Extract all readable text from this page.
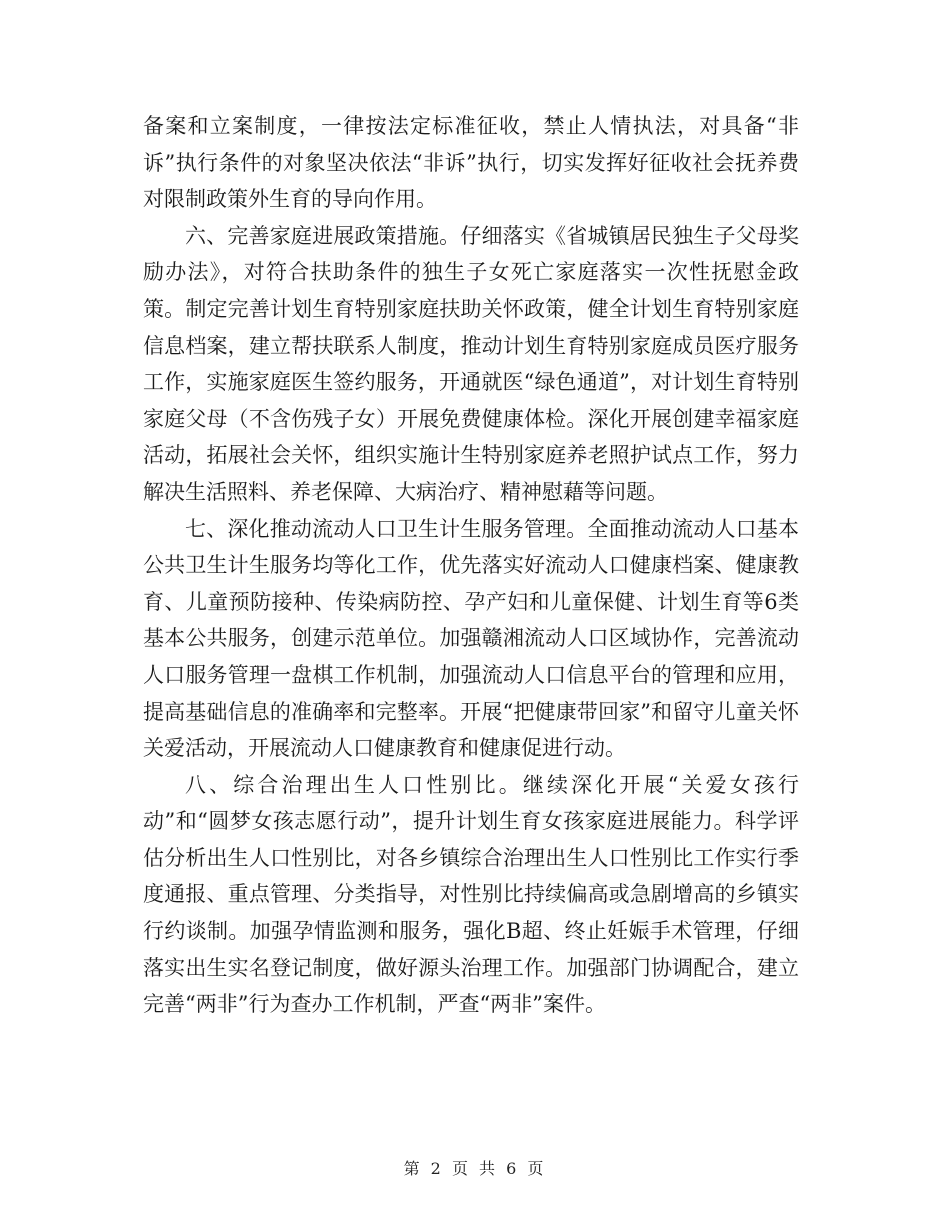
备案和立案制度，一律按法定标准征收，禁止人情执法，对具备“非诉”执行条件的对象坚决依法“非诉”执行，切实发挥好征收社会抚养费对限制政策外生育的导向作用。

六、完善家庭进展政策措施。仔细落实《省城镇居民独生子父母奖励办法》，对符合扶助条件的独生子女死亡家庭落实一次性抚慰金政策。制定完善计划生育特别家庭扶助关怀政策，健全计划生育特别家庭信息档案，建立帮扶联系人制度，推动计划生育特别家庭成员医疗服务工作，实施家庭医生签约服务，开通就医“绿色通道”，对计划生育特别家庭父母（不含伤残子女）开展免费健康体检。深化开展创建幸福家庭活动，拓展社会关怀，组织实施计生特别家庭养老照护试点工作，努力解决生活照料、养老保障、大病治疗、精神慰藉等问题。

七、深化推动流动人口卫生计生服务管理。全面推动流动人口基本公共卫生计生服务均等化工作，优先落实好流动人口健康档案、健康教育、儿童预防接种、传染病防控、孕产妇和儿童保健、计划生育等6类基本公共服务，创建示范单位。加强赣湘流动人口区域协作，完善流动人口服务管理一盘棋工作机制，加强流动人口信息平台的管理和应用，提高基础信息的准确率和完整率。开展“把健康带回家”和留守儿童关怀关爱活动，开展流动人口健康教育和健康促进行动。

八、综合治理出生人口性别比。继续深化开展“关爱女孩行动”和“圆梦女孩志愿行动”，提升计划生育女孩家庭进展能力。科学评估分析出生人口性别比，对各乡镇综合治理出生人口性别比工作实行季度通报、重点管理、分类指导，对性别比持续偏高或急剧增高的乡镇实行约谈制。加强孕情监测和服务，强化B超、终止妊娠手术管理，仔细落实出生实名登记制度，做好源头治理工作。加强部门协调配合，建立完善“两非”行为查办工作机制，严查“两非”案件。

第 2 页 共 6 页
